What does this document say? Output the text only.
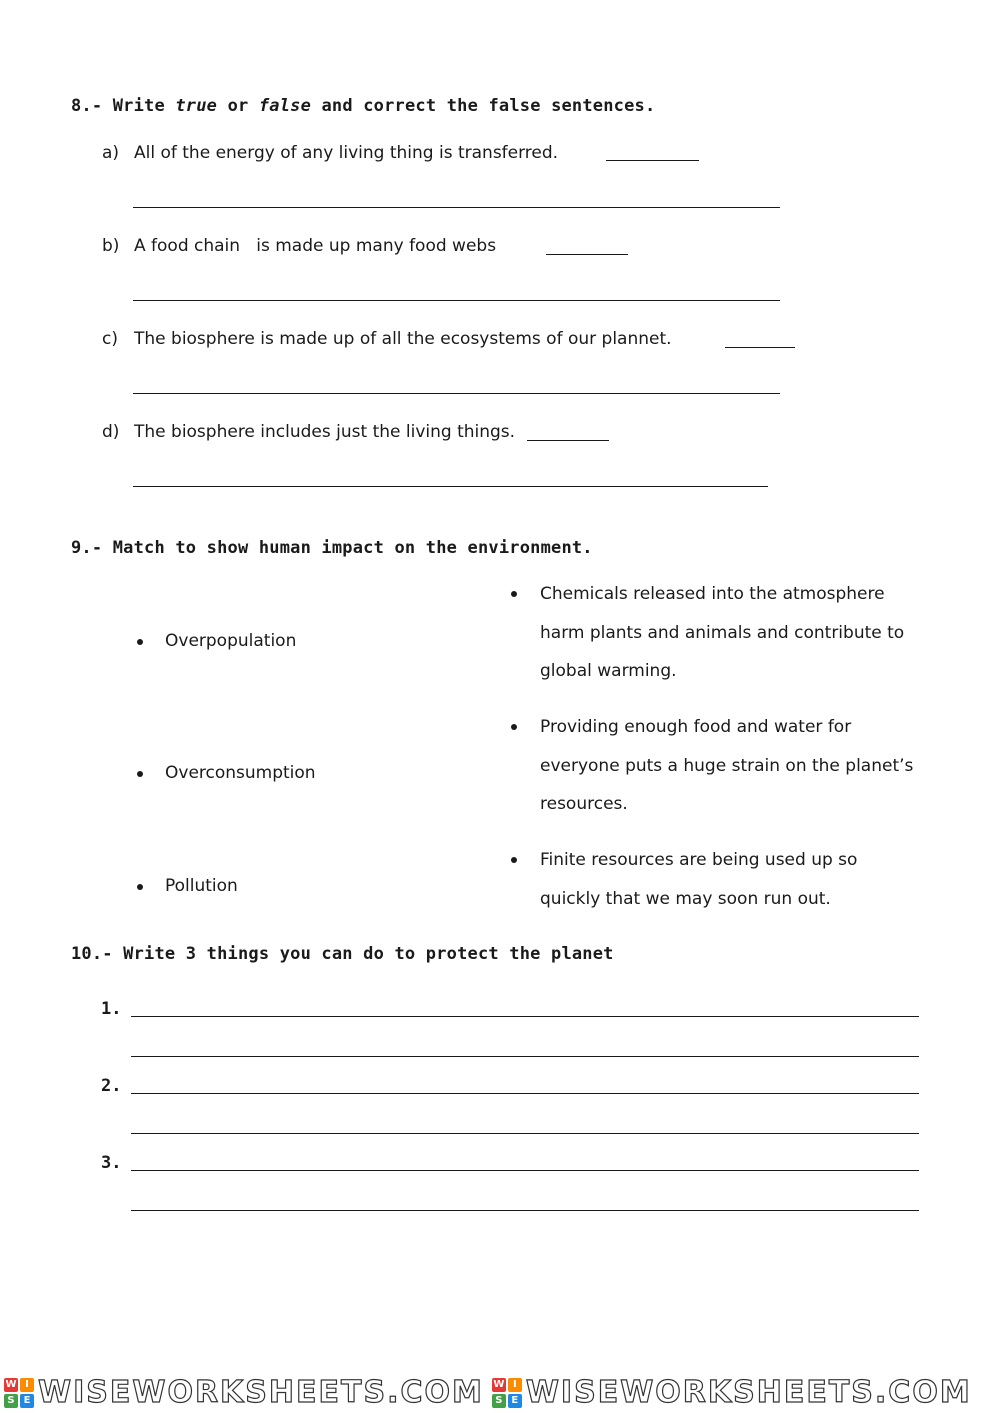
8.- Write true or false and correct the false sentences.
a) All of the energy of any living thing is transferred.
b) A food chain   is made up many food webs
c) The biosphere is made up of all the ecosystems of our plannet.
d) The biosphere includes just the living things.
9.- Match to show human impact on the environment.
Overpopulation
Overconsumption
Pollution
Chemicals released into the atmosphere harm plants and animals and contribute to global warming.
Providing enough food and water for everyone puts a huge strain on the planet’s resources.
Finite resources are being used up so quickly that we may soon run out.
10.- Write 3 things you can do to protect the planet
1.
2.
3.
W I
S E WISEWORKSHEETS.COM W I
S E WISEWORKSHEETS.COM
